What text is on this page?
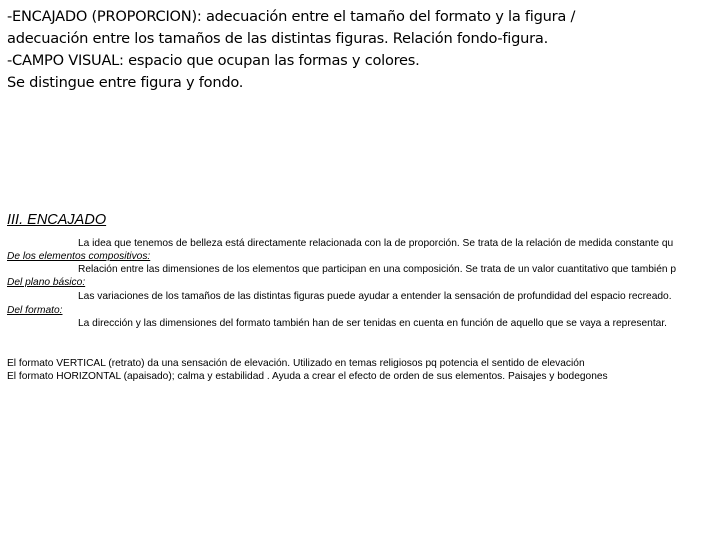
-ENCAJADO (PROPORCION): adecuación entre el tamaño del formato y la figura /
adecuación entre los tamaños de las distintas figuras. Relación fondo-figura.
-CAMPO VISUAL: espacio que ocupan las formas y colores.
Se distingue entre figura y fondo.
III. ENCAJADO
La idea que tenemos de belleza está directamente relacionada con la de proporción. Se trata de la relación de medida constante qu
De los elementos compositivos:
Relación entre las dimensiones de los elementos que participan en una composición. Se trata de un valor cuantitativo que también p
Del plano básico:
Las variaciones de los tamaños de las distintas figuras puede ayudar a entender la sensación de profundidad del espacio recreado.
Del formato:
La dirección y las dimensiones del formato también han de ser tenidas en cuenta en función de aquello que se vaya a representar.
El formato VERTICAL (retrato) da una sensación de elevación. Utilizado en temas religiosos pq potencia el sentido de elevación
El formato HORIZONTAL (apaisado); calma y estabilidad . Ayuda a crear el efecto de orden de sus elementos. Paisajes y bodegones
